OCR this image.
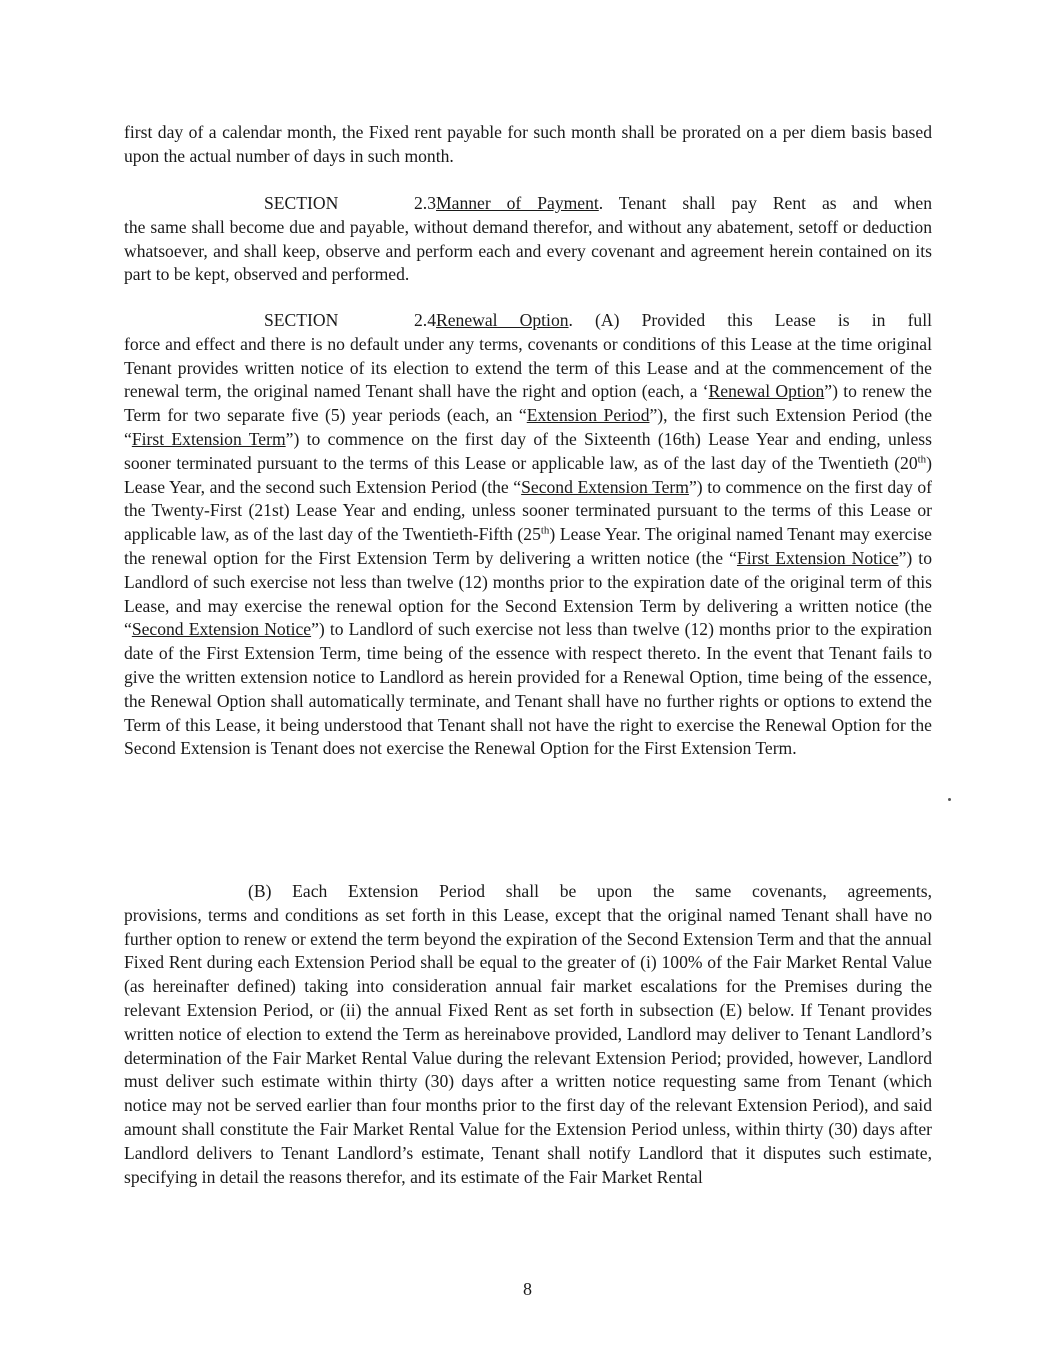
first day of a calendar month, the Fixed rent payable for such month shall be prorated on a per diem basis based upon the actual number of days in such month.
SECTION 2.3Manner of Payment. Tenant shall pay Rent as and when
the same shall become due and payable, without demand therefor, and without any abatement, setoff or deduction whatsoever, and shall keep, observe and perform each and every covenant and agreement herein contained on its part to be kept, observed and performed.
SECTION 2.4Renewal Option. (A) Provided this Lease is in full
force and effect and there is no default under any terms, covenants or conditions of this Lease at the time original Tenant provides written notice of its election to extend the term of this Lease and at the commencement of the renewal term, the original named Tenant shall have the right and option (each, a ‘Renewal Option”) to renew the Term for two separate five (5) year periods (each, an “Extension Period”), the first such Extension Period (the “First Extension Term”) to commence on the first day of the Sixteenth (16th) Lease Year and ending, unless sooner terminated pursuant to the terms of this Lease or applicable law, as of the last day of the Twentieth (20th) Lease Year, and the second such Extension Period (the “Second Extension Term”) to commence on the first day of the Twenty-First (21st) Lease Year and ending, unless sooner terminated pursuant to the terms of this Lease or applicable law, as of the last day of the Twentieth-Fifth (25th) Lease Year. The original named Tenant may exercise the renewal option for the First Extension Term by delivering a written notice (the “First Extension Notice”) to Landlord of such exercise not less than twelve (12) months prior to the expiration date of the original term of this Lease, and may exercise the renewal option for the Second Extension Term by delivering a written notice (the “Second Extension Notice”) to Landlord of such exercise not less than twelve (12) months prior to the expiration date of the First Extension Term, time being of the essence with respect thereto. In the event that Tenant fails to give the written extension notice to Landlord as herein provided for a Renewal Option, time being of the essence, the Renewal Option shall automatically terminate, and Tenant shall have no further rights or options to extend the Term of this Lease, it being understood that Tenant shall not have the right to exercise the Renewal Option for the Second Extension is Tenant does not exercise the Renewal Option for the First Extension Term.
(B) Each Extension Period shall be upon the same covenants, agreements,
provisions, terms and conditions as set forth in this Lease, except that the original named Tenant shall have no further option to renew or extend the term beyond the expiration of the Second Extension Term and that the annual Fixed Rent during each Extension Period shall be equal to the greater of (i) 100% of the Fair Market Rental Value (as hereinafter defined) taking into consideration annual fair market escalations for the Premises during the relevant Extension Period, or (ii) the annual Fixed Rent as set forth in subsection (E) below. If Tenant provides written notice of election to extend the Term as hereinabove provided, Landlord may deliver to Tenant Landlord’s determination of the Fair Market Rental Value during the relevant Extension Period; provided, however, Landlord must deliver such estimate within thirty (30) days after a written notice requesting same from Tenant (which notice may not be served earlier than four months prior to the first day of the relevant Extension Period), and said amount shall constitute the Fair Market Rental Value for the Extension Period unless, within thirty (30) days after Landlord delivers to Tenant Landlord’s estimate, Tenant shall notify Landlord that it disputes such estimate, specifying in detail the reasons therefor, and its estimate of the Fair Market Rental
8
